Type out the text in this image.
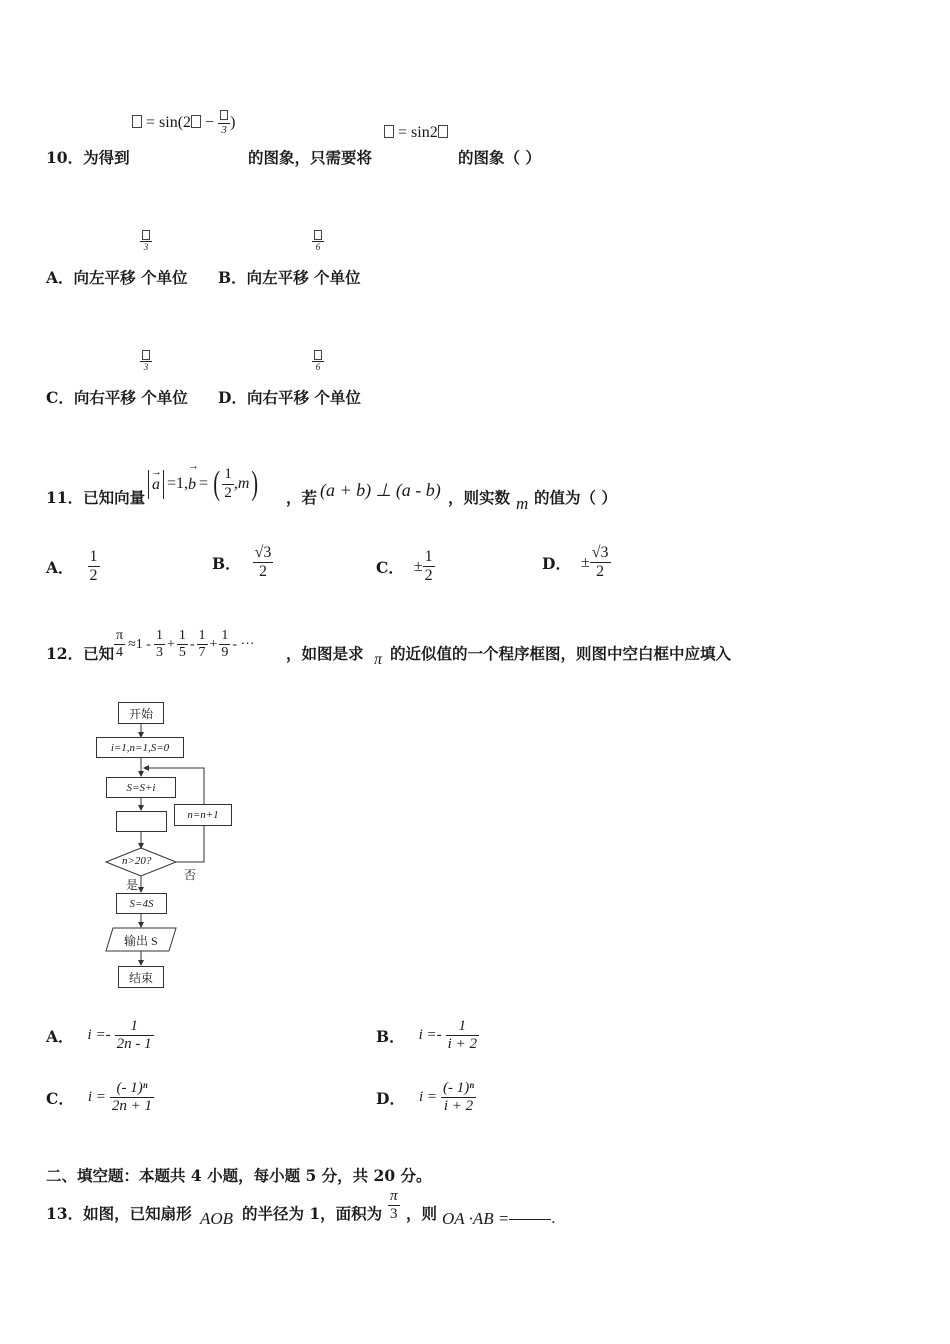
= sin(2 − 3 )
= sin2
10．为得到	的图象，只需要将	的图象（ ）
3
A．向左平移 个单位
6
B．向左平移 个单位
3
C．向右平移 个单位
6
D．向右平移 个单位
11．已知向量
→
a =1,
→
b = ( $\frac{1}{2} ,m$ ) ，若 (a + b) ⊥ (a - b) ，则实数 m 的值为（ ）
A． $\frac{1}{2}$	B． $\frac{√3}{2}$	C． ± $\frac{1}{2}$	D． ± $\frac{√3}{2}$
12．已知 $\frac{\pi}{4} \approx 1 - \frac{1}{3} + \frac{1}{5} - \frac{1}{7} + \frac{1}{9}$ - ··· ，如图是求 π 的近似值的一个程序框图，则图中空白框中应填入
开始
i=1,n=1,S=0
S=S+i
n=n+1
n>20?
否
是
S=4S
输出 S
结束
A． $i =- \frac{1}{2n - 1}$	B． $i =- \frac{1}{i + 2}$
C． $i = \frac{\text{(- 1)ⁿ}}{2n + 1}$	D． $i = \frac{\text{(- 1)ⁿ}}{i + 2}$
二、填空题：本题共 4 小题，每小题 5 分，共 20 分。
13．如图，已知扇形 AOB 的半径为 1，面积为 $\frac{\pi}{3}$ ，则 OA ·AB =	.
